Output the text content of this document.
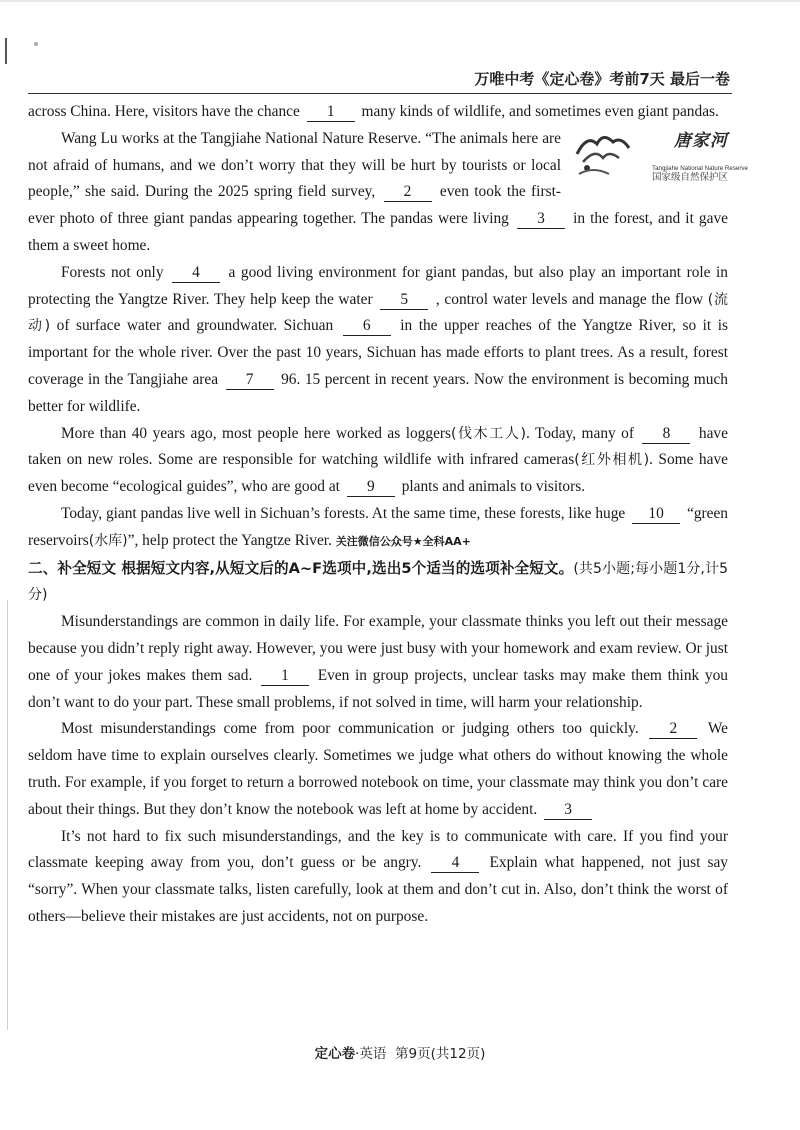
万唯中考《定心卷》考前7天 最后一卷

across China. Here, visitors have the chance 1 many kinds of wildlife, and sometimes even giant pandas.

唐家河
Tangjiahe National Nature Reserve
国家级自然保护区
Wang Lu works at the Tangjiahe National Nature Reserve. “The animals here are not afraid of humans, and we don’t worry that they will be hurt by tourists or local people,” she said. During the 2025 spring field survey, 2 even took the first-ever photo of three giant pandas appearing together. The pandas were living 3 in the forest, and it gave them a sweet home.

Forests not only 4 a good living environment for giant pandas, but also play an important role in protecting the Yangtze River. They help keep the water 5 , control water levels and manage the flow (流动) of surface water and groundwater. Sichuan 6 in the upper reaches of the Yangtze River, so it is important for the whole river. Over the past 10 years, Sichuan has made efforts to plant trees. As a result, forest coverage in the Tangjiahe area 7 96. 15 percent in recent years. Now the environment is becoming much better for wildlife.

More than 40 years ago, most people here worked as loggers(伐木工人). Today, many of 8 have taken on new roles. Some are responsible for watching wildlife with infrared cameras(红外相机). Some have even become “ecological guides”, who are good at 9 plants and animals to visitors.

Today, giant pandas live well in Sichuan’s forests. At the same time, these forests, like huge 10 “green reservoirs(水库)”, help protect the Yangtze River. 关注微信公众号★全科AA+

二、补全短文 根据短文内容,从短文后的A~F选项中,选出5个适当的选项补全短文。(共5小题;每小题1分,计5分)

Misunderstandings are common in daily life. For example, your classmate thinks you left out their message because you didn’t reply right away. However, you were just busy with your homework and exam review. Or just one of your jokes makes them sad. 1 Even in group projects, unclear tasks may make them think you don’t want to do your part. These small problems, if not solved in time, will harm your relationship.

Most misunderstandings come from poor communication or judging others too quickly. 2 We seldom have time to explain ourselves clearly. Sometimes we judge what others do without knowing the whole truth. For example, if you forget to return a borrowed notebook on time, your classmate may think you don’t care about their things. But they don’t know the notebook was left at home by accident. 3

It’s not hard to fix such misunderstandings, and the key is to communicate with care. If you find your classmate keeping away from you, don’t guess or be angry. 4 Explain what happened, not just say “sorry”. When your classmate talks, listen carefully, look at them and don’t cut in. Also, don’t think the worst of others—believe their mistakes are just accidents, not on purpose.

定心卷·英语 第9页(共12页)
